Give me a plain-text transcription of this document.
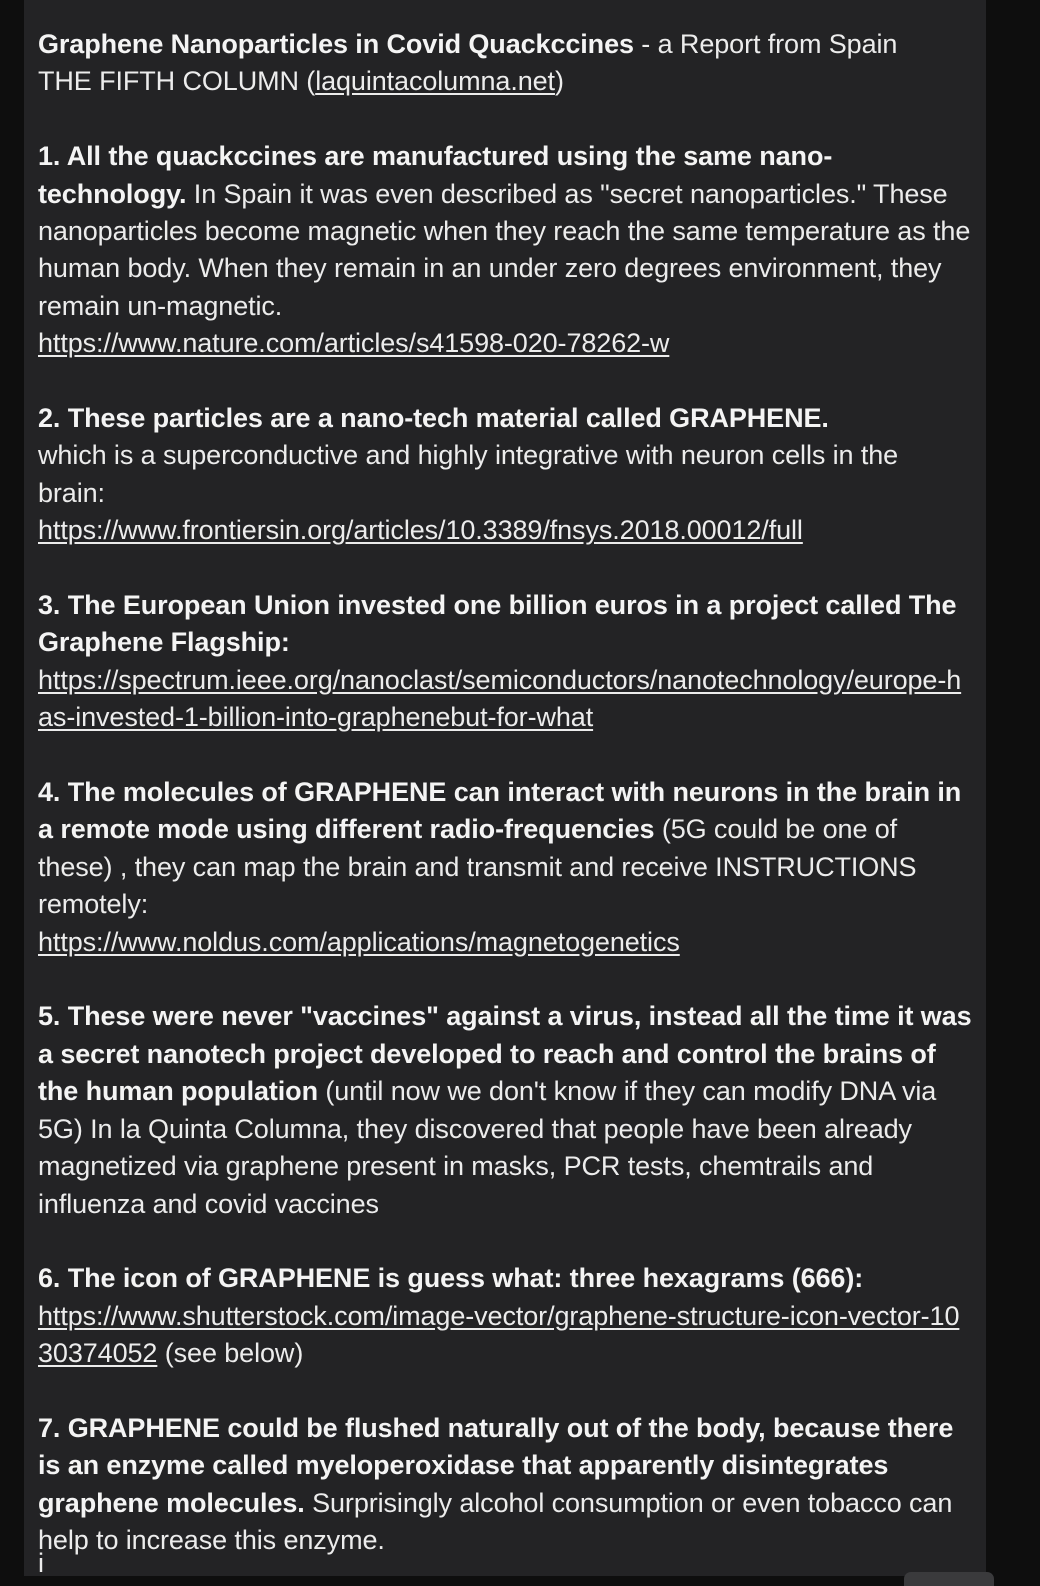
Graphene Nanoparticles in Covid Quackccines - a Report from Spain
THE FIFTH COLUMN (laquintacolumna.net)

1. All the quackccines are manufactured using the same nano-technology. In Spain it was even described as "secret nanoparticles." These nanoparticles become magnetic when they reach the same temperature as the human body. When they remain in an under zero degrees environment, they remain un-magnetic.
https://www.nature.com/articles/s41598-020-78262-w

2. These particles are a nano-tech material called GRAPHENE.
which is a superconductive and highly integrative with neuron cells in the brain:
https://www.frontiersin.org/articles/10.3389/fnsys.2018.00012/full

3. The European Union invested one billion euros in a project called The Graphene Flagship:
https://spectrum.ieee.org/nanoclast/semiconductors/nanotechnology/europe-has-invested-1-billion-into-graphenebut-for-what

4. The molecules of GRAPHENE can interact with neurons in the brain in a remote mode using different radio-frequencies (5G could be one of these) , they can map the brain and transmit and receive INSTRUCTIONS remotely:
https://www.noldus.com/applications/magnetogenetics

5. These were never "vaccines" against a virus, instead all the time it was a secret nanotech project developed to reach and control the brains of the human population (until now we don't know if they can modify DNA via 5G) In la Quinta Columna, they discovered that people have been already magnetized via graphene present in masks, PCR tests, chemtrails and influenza and covid vaccines

6. The icon of GRAPHENE is guess what: three hexagrams (666):
https://www.shutterstock.com/image-vector/graphene-structure-icon-vector-1030374052 (see below)

7. GRAPHENE could be flushed naturally out of the body, because there is an enzyme called myeloperoxidase that apparently disintegrates graphene molecules. Surprisingly alcohol consumption or even tobacco can help to increase this enzyme.

i
